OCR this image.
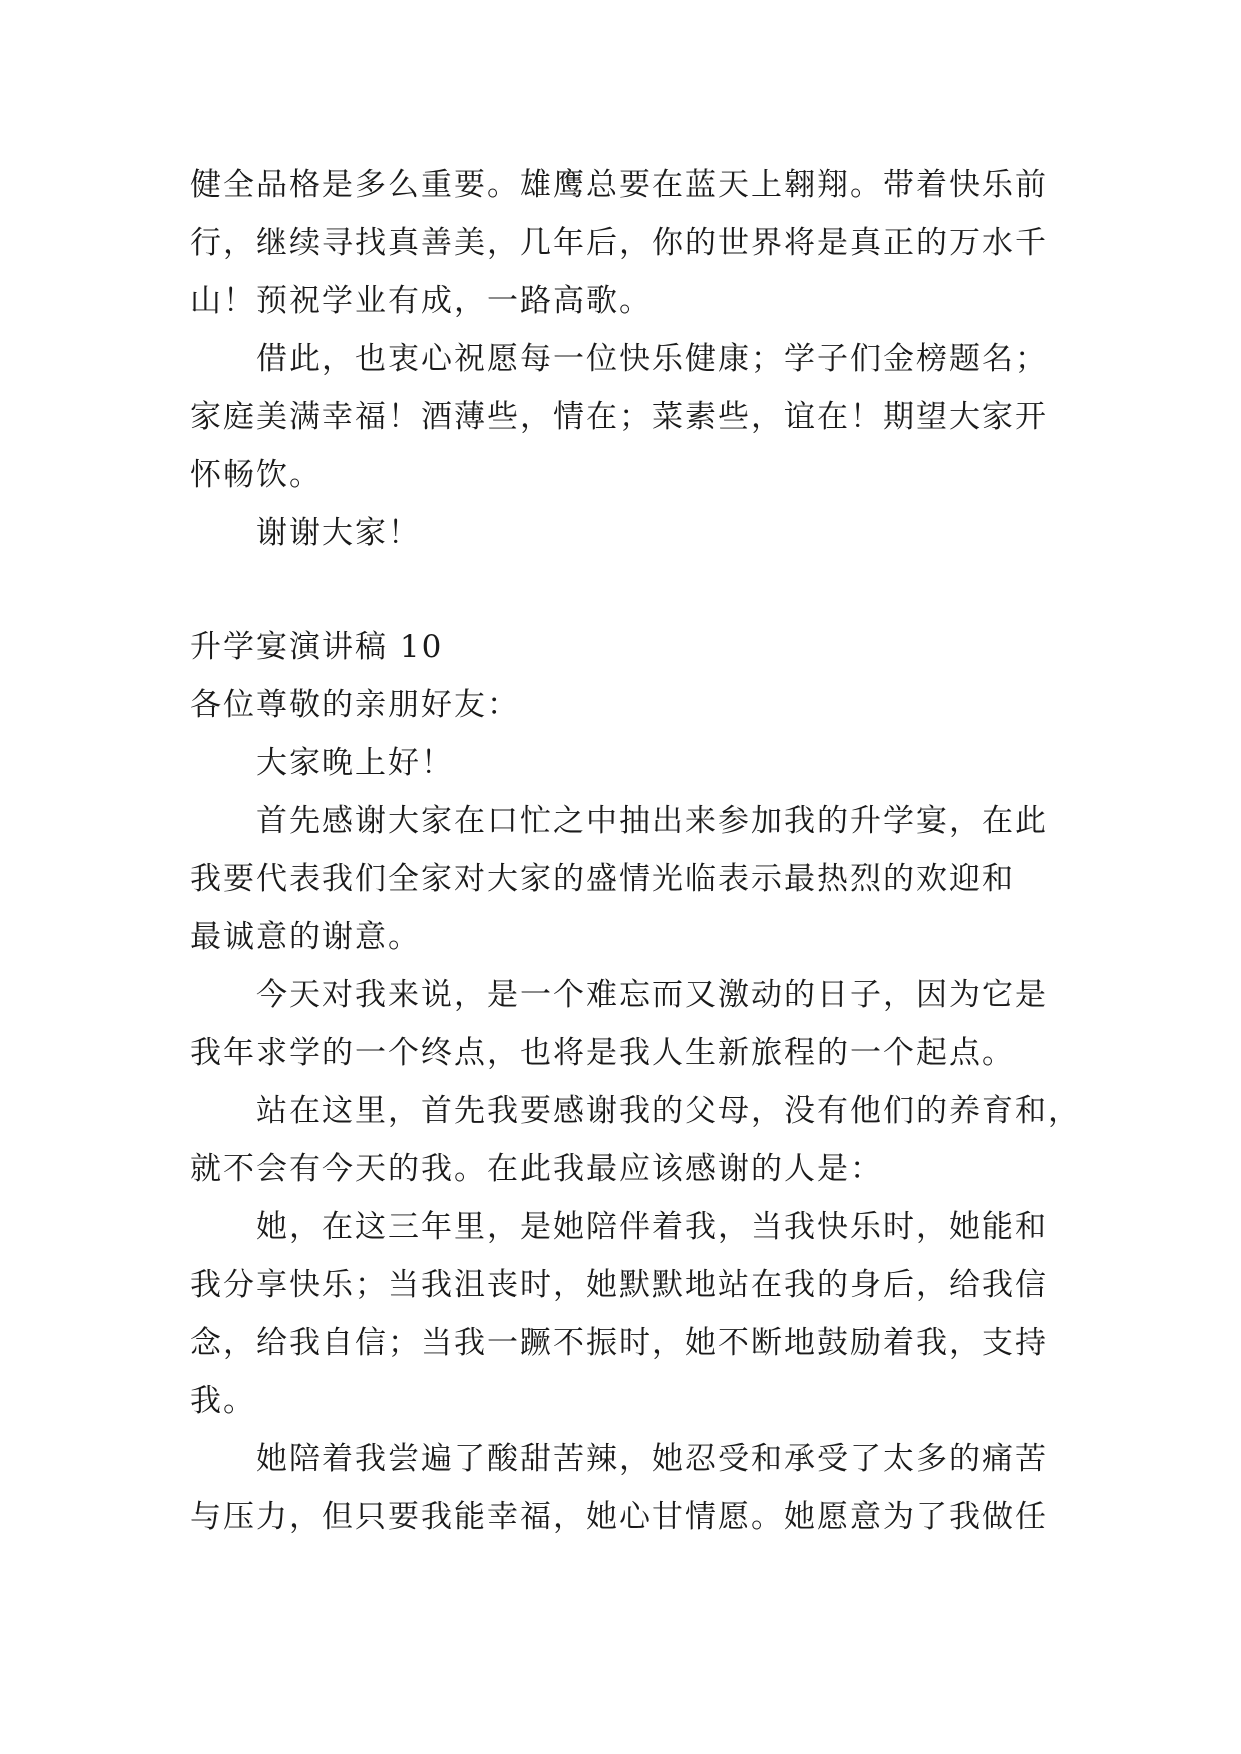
健全品格是多么重要。雄鹰总要在蓝天上翱翔。带着快乐前
行，继续寻找真善美，几年后，你的世界将是真正的万水千
山！预祝学业有成，一路高歌。
借此，也衷心祝愿每一位快乐健康；学子们金榜题名；
家庭美满幸福！酒薄些，情在；菜素些，谊在！期望大家开
怀畅饮。
谢谢大家！
升学宴演讲稿 10
各位尊敬的亲朋好友：
大家晚上好！
首先感谢大家在口忙之中抽出来参加我的升学宴，在此
我要代表我们全家对大家的盛情光临表示最热烈的欢迎和
最诚意的谢意。
今天对我来说，是一个难忘而又激动的日子，因为它是
我年求学的一个终点，也将是我人生新旅程的一个起点。
站在这里，首先我要感谢我的父母，没有他们的养育和，
就不会有今天的我。在此我最应该感谢的人是：
她，在这三年里，是她陪伴着我，当我快乐时，她能和
我分享快乐；当我沮丧时，她默默地站在我的身后，给我信
念，给我自信；当我一蹶不振时，她不断地鼓励着我，支持
我。
她陪着我尝遍了酸甜苦辣，她忍受和承受了太多的痛苦
与压力，但只要我能幸福，她心甘情愿。她愿意为了我做任
